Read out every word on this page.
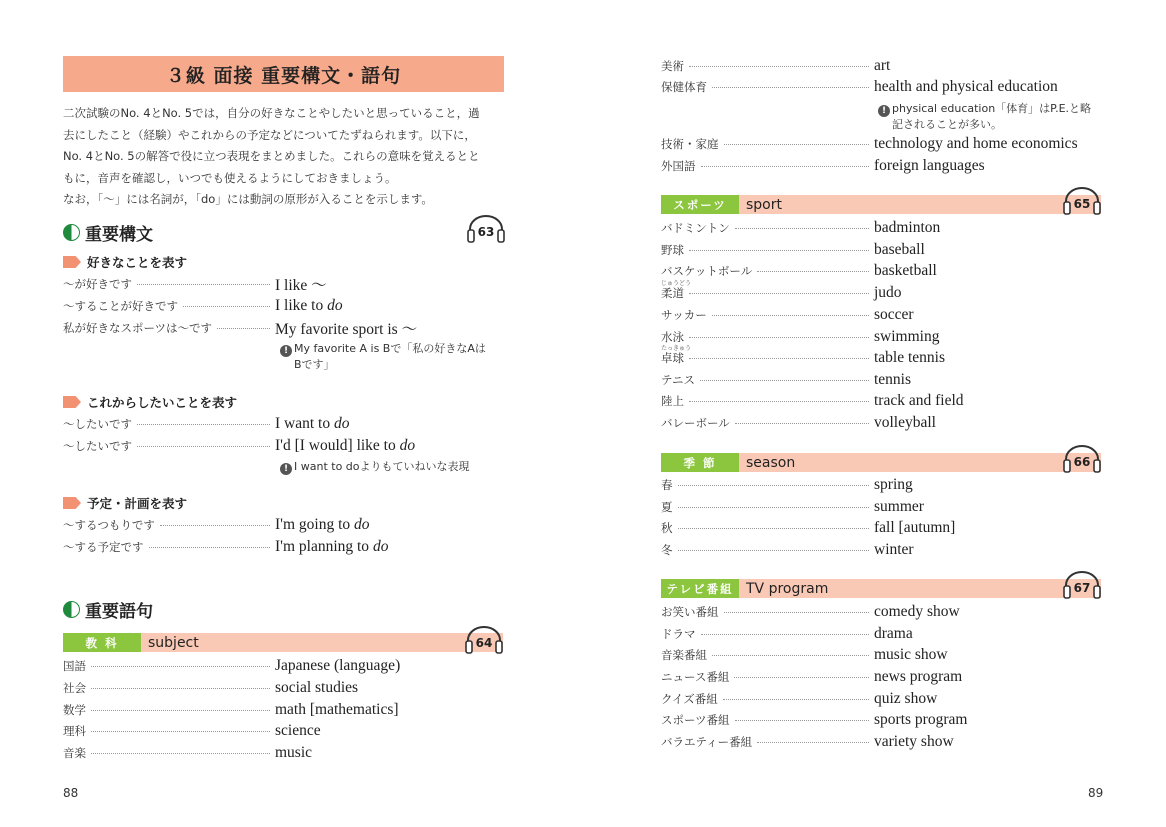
３級 面接 重要構文・語句
二次試験のNo. 4とNo. 5では，自分の好きなことやしたいと思っていること，過
去にしたこと（経験）やこれからの予定などについてたずねられます。以下に，
No. 4とNo. 5の解答で役に立つ表現をまとめました。これらの意味を覚えるとと
もに，音声を確認し，いつでも使えるようにしておきましょう。
なお，「～」には名詞が，「do」には動詞の原形が入ることを示します。
重要構文	63
好きなことを表す
～が好きです	I like ～
～することが好きです	I like to do
私が好きなスポーツは～です	My favorite sport is ～
! My favorite A is Bで「私の好きなAは
Bです」
これからしたいことを表す
～したいです	I want to do
～したいです	I'd [I would] like to do
! I want to doよりもていねいな表現
予定・計画を表す
～するつもりです	I'm going to do
～する予定です	I'm planning to do
重要語句
教 科	subject	64
国語	Japanese (language)
社会	social studies
数学	math [mathematics]
理科	science
音楽	music
88
美術	art
保健体育	health and physical education
! physical education「体育」はP.E.と略
記されることが多い。
技術・家庭	technology and home economics
外国語	foreign languages
スポーツ	sport	65
バドミントン	badminton
野球	baseball
バスケットボール	basketball
じゅうどう
柔道	judo
サッカー	soccer
水泳	swimming
たっきゅう
卓球	table tennis
テニス	tennis
陸上	track and field
バレーボール	volleyball
季 節	season	66
春	spring
夏	summer
秋	fall [autumn]
冬	winter
テレビ番組 TV program	67
お笑い番組	comedy show
ドラマ	drama
音楽番組	music show
ニュース番組	news program
クイズ番組	quiz show
スポーツ番組	sports program
バラエティー番組	variety show
89
